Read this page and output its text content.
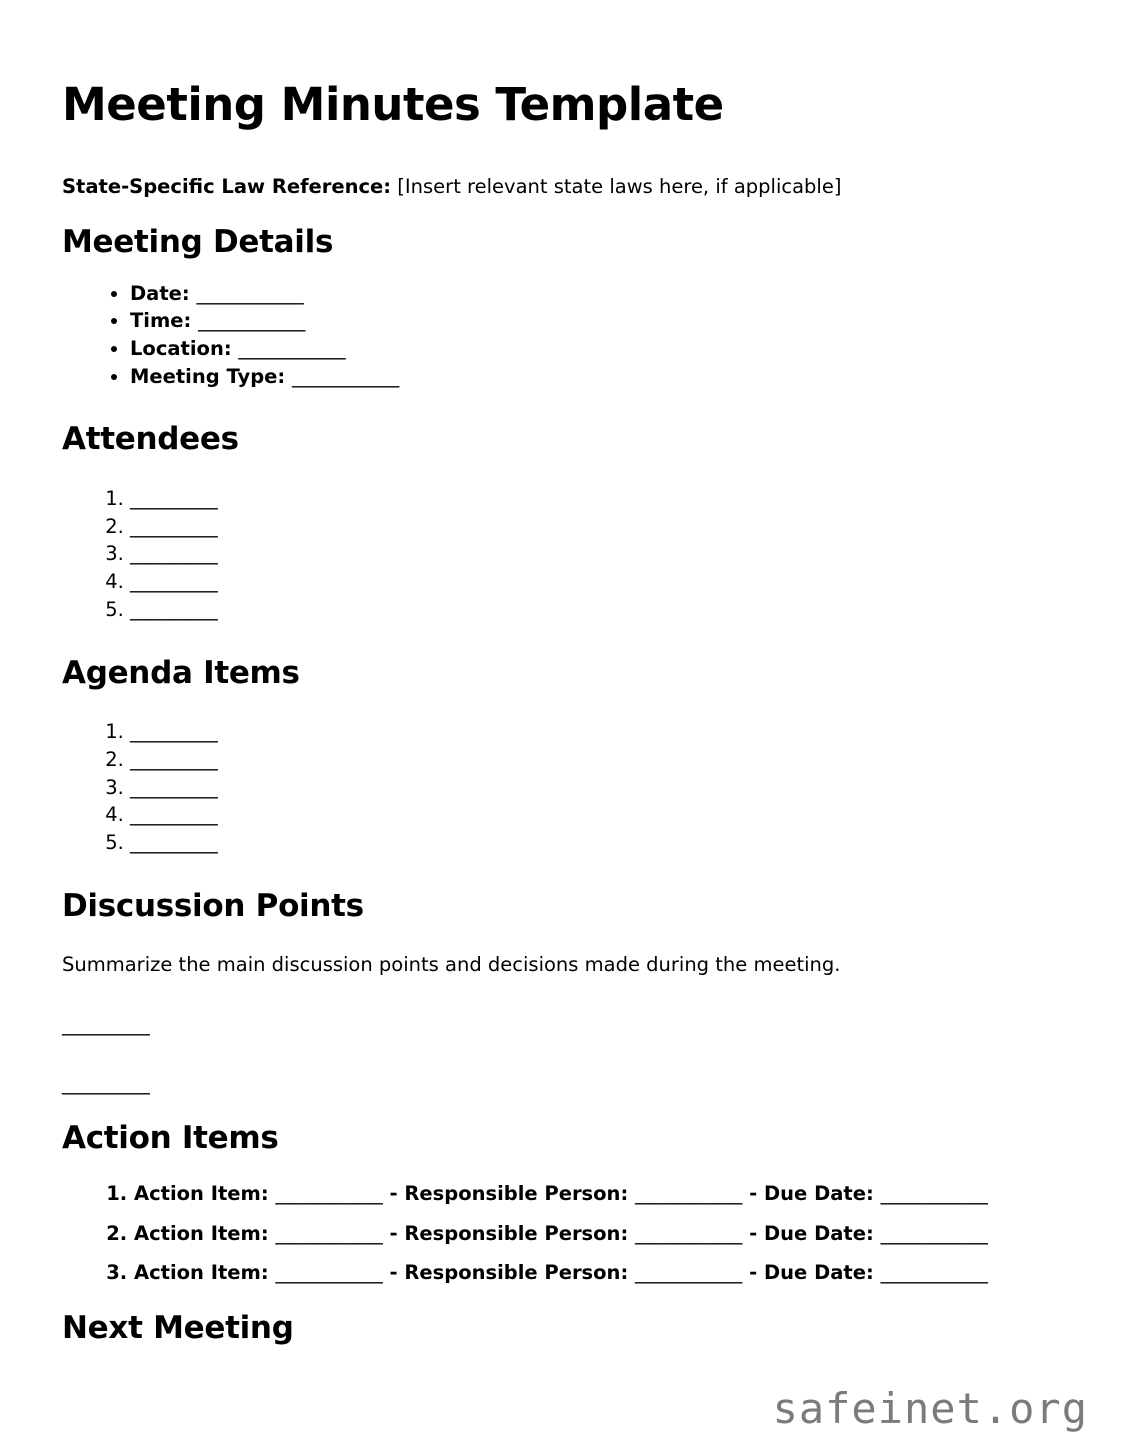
Meeting Minutes Template

State-Specific Law Reference: [Insert relevant state laws here, if applicable]

Meeting Details
• Date: ___________
• Time: ___________
• Location: ___________
• Meeting Type: ___________
Attendees
1. _________
2. _________
3. _________
4. _________
5. _________
Agenda Items
1. _________
2. _________
3. _________
4. _________
5. _________
Discussion Points

Summarize the main discussion points and decisions made during the meeting.

_________

_________

Action Items
1. Action Item: ___________ - Responsible Person: ___________ - Due Date: ___________
2. Action Item: ___________ - Responsible Person: ___________ - Due Date: ___________
3. Action Item: ___________ - Responsible Person: ___________ - Due Date: ___________
Next Meeting
safeinet.org
